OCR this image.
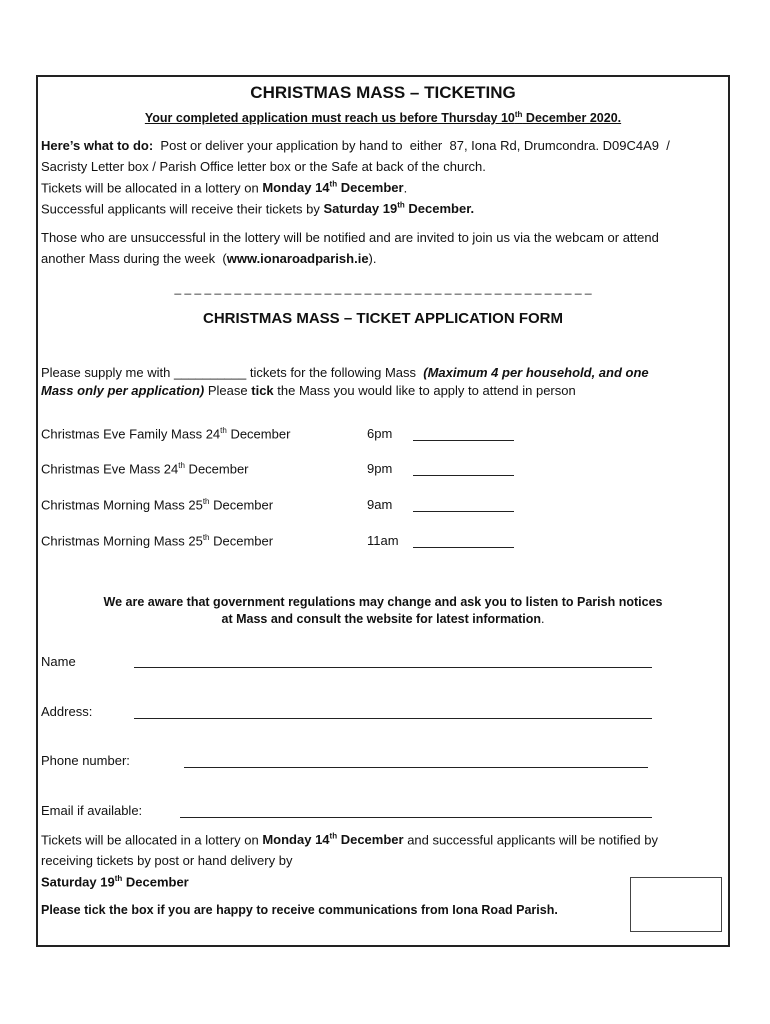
CHRISTMAS MASS – TICKETING
Your completed application must reach us before Thursday 10th December 2020.
Here’s what to do:  Post or deliver your application by hand to  either  87, Iona Rd, Drumcondra. D09C4A9  /
Sacristy Letter box / Parish Office letter box or the Safe at back of the church.
Tickets will be allocated in a lottery on Monday 14th December.
Successful applicants will receive their tickets by Saturday 19th December.
Those who are unsuccessful in the lottery will be notified and are invited to join us via the webcam or attend
another Mass during the week  (www.ionaroadparish.ie).
_ _ _ _ _ _ _ _ _ _ _ _ _ _ _ _ _ _ _ _ _ _ _ _ _ _ _ _ _ _ _ _ _ _ _ _ _ _ _ _ _ _
CHRISTMAS MASS – TICKET APPLICATION FORM
Please supply me with __________ tickets for the following Mass  (Maximum 4 per household, and one
Mass only per application) Please tick the Mass you would like to apply to attend in person
Christmas Eve Family Mass 24th December	6pm
Christmas Eve Mass 24th December	9pm
Christmas Morning Mass 25th December	9am
Christmas Morning Mass 25th December	11am
We are aware that government regulations may change and ask you to listen to Parish notices
at Mass and consult the website for latest information.
Name
Address:
Phone number:
Email if available:
Tickets will be allocated in a lottery on Monday 14th December and successful applicants will be notified by
receiving tickets by post or hand delivery by
Saturday 19th December
Please tick the box if you are happy to receive communications from Iona Road Parish.
